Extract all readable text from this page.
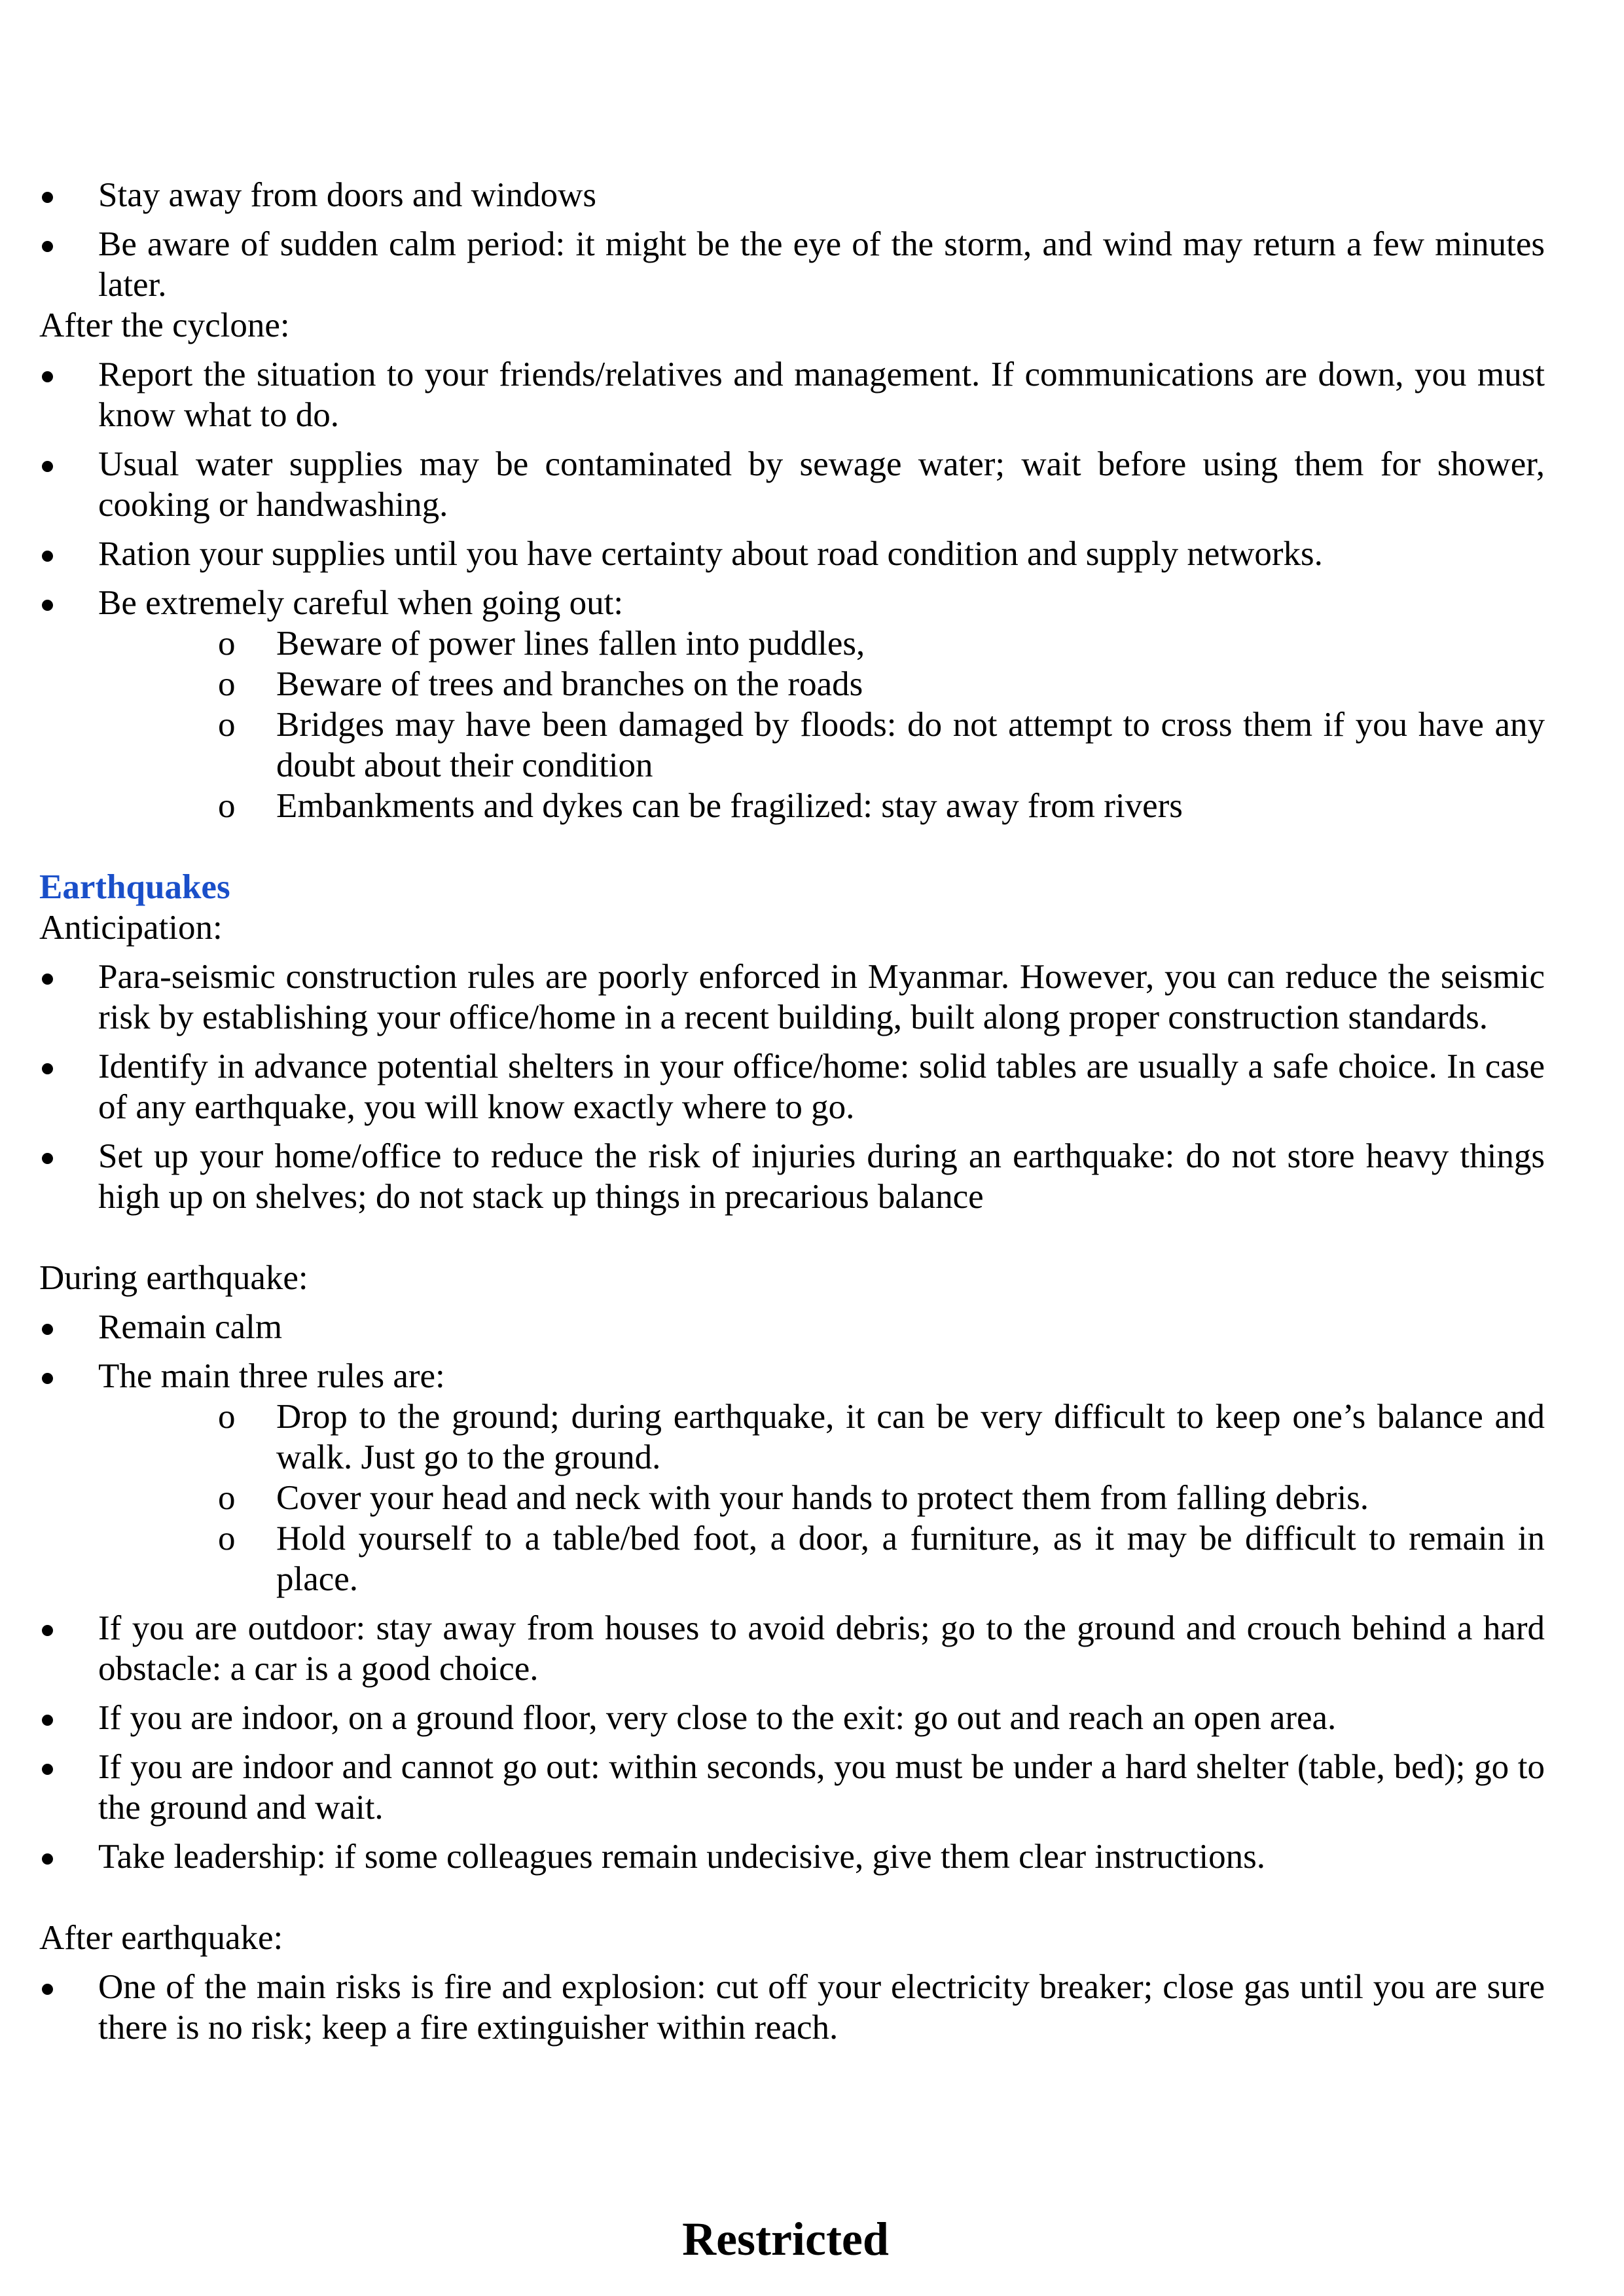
Stay away from doors and windows
Be aware of sudden calm period: it might be the eye of the storm, and wind may return a few minutes later.

After the cyclone:

Report the situation to your friends/relatives and management. If communications are down, you must know what to do.
Usual water supplies may be contaminated by sewage water; wait before using them for shower, cooking or handwashing.
Ration your supplies until you have certainty about road condition and supply networks.
Be extremely careful when going out:
o Beware of power lines fallen into puddles,
o Beware of trees and branches on the roads
o Bridges may have been damaged by floods: do not attempt to cross them if you have any doubt about their condition
o Embankments and dykes can be fragilized: stay away from rivers
Earthquakes

Anticipation:

Para-seismic construction rules are poorly enforced in Myanmar. However, you can reduce the seismic risk by establishing your office/home in a recent building, built along proper construction standards.
Identify in advance potential shelters in your office/home: solid tables are usually a safe choice. In case of any earthquake, you will know exactly where to go.
Set up your home/office to reduce the risk of injuries during an earthquake: do not store heavy things high up on shelves; do not stack up things in precarious balance

During earthquake:

Remain calm
The main three rules are:
o Drop to the ground; during earthquake, it can be very difficult to keep one’s balance and walk. Just go to the ground.
o Cover your head and neck with your hands to protect them from falling debris.
o Hold yourself to a table/bed foot, a door, a furniture, as it may be difficult to remain in place.
If you are outdoor: stay away from houses to avoid debris; go to the ground and crouch behind a hard obstacle: a car is a good choice.
If you are indoor, on a ground floor, very close to the exit: go out and reach an open area.
If you are indoor and cannot go out: within seconds, you must be under a hard shelter (table, bed); go to the ground and wait.
Take leadership: if some colleagues remain undecisive, give them clear instructions.

After earthquake:

One of the main risks is fire and explosion: cut off your electricity breaker; close gas until you are sure there is no risk; keep a fire extinguisher within reach.
Restricted
